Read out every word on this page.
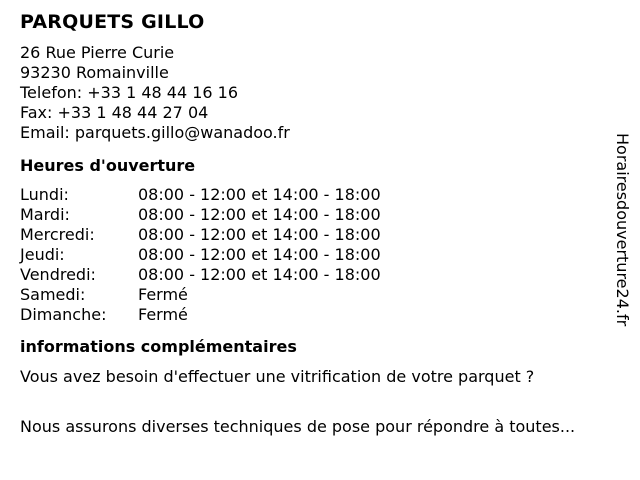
PARQUETS GILLO
26 Rue Pierre Curie
93230 Romainville
Telefon: +33 1 48 44 16 16
Fax: +33 1 48 44 27 04
Email: parquets.gillo@wanadoo.fr
Heures d'ouverture
Lundi:	08:00 - 12:00 et 14:00 - 18:00
Mardi:	08:00 - 12:00 et 14:00 - 18:00
Mercredi:	08:00 - 12:00 et 14:00 - 18:00
Jeudi:	08:00 - 12:00 et 14:00 - 18:00
Vendredi:	08:00 - 12:00 et 14:00 - 18:00
Samedi:	Fermé
Dimanche:	Fermé
informations complémentaires
Vous avez besoin d'effectuer une vitrification de votre parquet ?
Nous assurons diverses techniques de pose pour répondre à toutes...
Horairesdouverture24.fr
